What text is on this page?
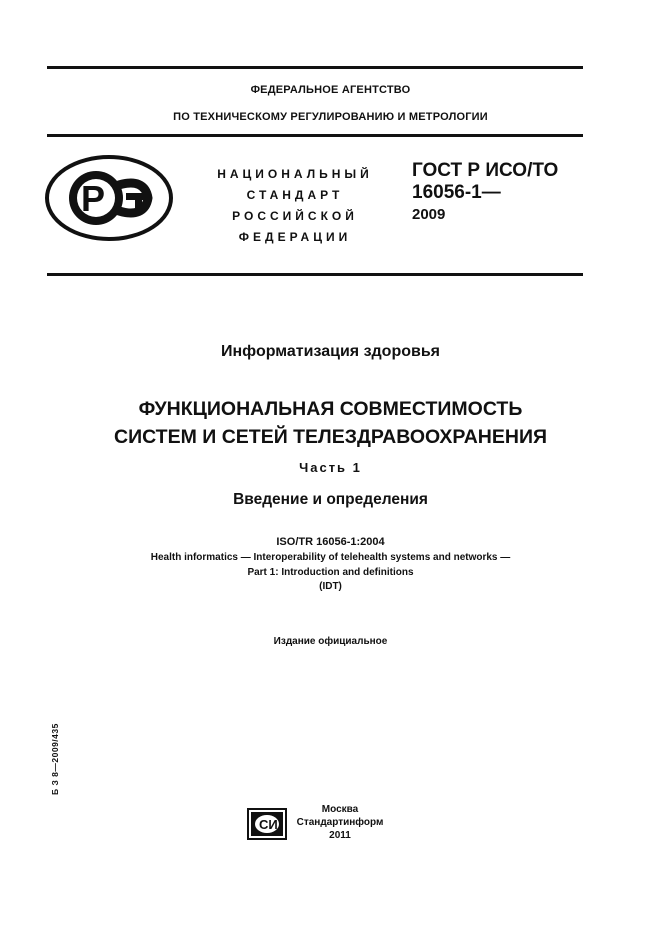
ФЕДЕРАЛЬНОЕ АГЕНТСТВО
ПО ТЕХНИЧЕСКОМУ РЕГУЛИРОВАНИЮ И МЕТРОЛОГИИ
Р
НАЦИОНАЛЬНЫЙ
СТАНДАРТ
РОССИЙСКОЙ
ФЕДЕРАЦИИ
ГОСТ Р ИСО/ТО
16056-1—
2009
Информатизация здоровья
ФУНКЦИОНАЛЬНАЯ СОВМЕСТИМОСТЬ
СИСТЕМ И СЕТЕЙ ТЕЛЕЗДРАВООХРАНЕНИЯ
Часть 1
Введение и определения
ISO/TR 16056-1:2004
Health informatics — Interoperability of telehealth systems and networks —
Part 1: Introduction and definitions
(IDT)
Издание официальное
Б З 8—2009/435
СИ
Москва
Стандартинформ
2011
